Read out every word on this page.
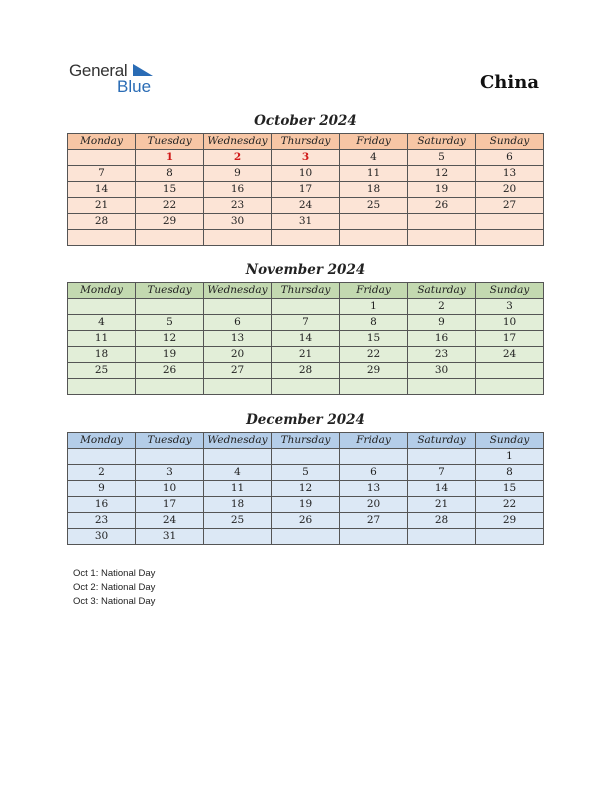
General
Blue	China
October 2024
Monday	Tuesday	Wednesday	Thursday	Friday	Saturday	Sunday
	1	2	3	4	5	6
7	8	9	10	11	12	13
14	15	16	17	18	19	20
21	22	23	24	25	26	27
28	29	30	31			

November 2024
Monday	Tuesday	Wednesday	Thursday	Friday	Saturday	Sunday
				1	2	3
4	5	6	7	8	9	10
11	12	13	14	15	16	17
18	19	20	21	22	23	24
25	26	27	28	29	30	

December 2024
Monday	Tuesday	Wednesday	Thursday	Friday	Saturday	Sunday
						1
2	3	4	5	6	7	8
9	10	11	12	13	14	15
16	17	18	19	20	21	22
23	24	25	26	27	28	29
30	31					
Oct 1: National Day
Oct 2: National Day
Oct 3: National Day
